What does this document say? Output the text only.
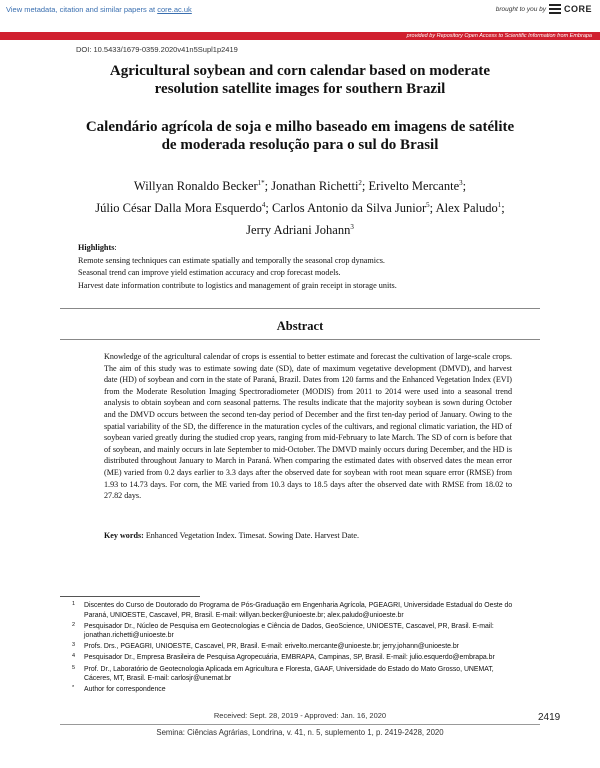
View metadata, citation and similar papers at core.ac.uk	brought to you by CORE
provided by Repository Open Access to Scientific Information from Embrapa
DOI: 10.5433/1679-0359.2020v41n5Supl1p2419
Agricultural soybean and corn calendar based on moderate resolution satellite images for southern Brazil
Calendário agrícola de soja e milho baseado em imagens de satélite de moderada resolução para o sul do Brasil
Willyan Ronaldo Becker$^{1*}$; Jonathan Richetti$^2$; Erivelto Mercante$^3$;
Júlio César Dalla Mora Esquerdo$^4$; Carlos Antonio da Silva Junior$^5$; Alex Paludo$^1$;
Jerry Adriani Johann$^3$
Highlights:
Remote sensing techniques can estimate spatially and temporally the seasonal crop dynamics.
Seasonal trend can improve yield estimation accuracy and crop forecast models.
Harvest date information contribute to logistics and management of grain receipt in storage units.
Abstract
Knowledge of the agricultural calendar of crops is essential to better estimate and forecast the cultivation of large-scale crops. The aim of this study was to estimate sowing date (SD), date of maximum vegetative development (DMVD), and harvest date (HD) of soybean and corn in the state of Paraná, Brazil. Dates from 120 farms and the Enhanced Vegetation Index (EVI) from the Moderate Resolution Imaging Spectroradiometer (MODIS) from 2011 to 2014 were used into a seasonal trend analysis to obtain soybean and corn seasonal patterns. The results indicate that the majority soybean is sown during October and the DMVD occurs between the second ten-day period of December and the first ten-day period of January. Owing to the spatial variability of the SD, the difference in the maturation cycles of the cultivars, and regional climatic variation, the HD of soybean varied greatly during the studied crop years, ranging from mid-February to late March. The SD of corn is before that of soybean, and mainly occurs in late September to mid-October. The DMVD mainly occurs during December, and the HD is distributed throughout January to March in Paraná. When comparing the estimated dates with observed dates the mean error (ME) varied from 0.2 days earlier to 3.3 days after the observed date for soybean with root mean square error (RMSE) from 1.93 to 14.73 days. For corn, the ME varied from 10.3 days to 18.5 days after the observed date with RMSE from 18.02 to 27.82 days.
Key words: Enhanced Vegetation Index. Timesat. Sowing Date. Harvest Date.
1 Discentes do Curso de Doutorado do Programa de Pós-Graduação em Engenharia Agrícola, PGEAGRI, Universidade Estadual do Oeste do Paraná, UNIOESTE, Cascavel, PR, Brasil. E-mail: willyan.becker@unioeste.br; alex.paludo@unioeste.br
2 Pesquisador Dr., Núcleo de Pesquisa em Geotecnologias e Ciência de Dados, GeoScience, UNIOESTE, Cascavel, PR, Brasil. E-mail: jonathan.richetti@unioeste.br
3 Profs. Drs., PGEAGRI, UNIOESTE, Cascavel, PR, Brasil. E-mail: erivelto.mercante@unioeste.br; jerry.johann@unioeste.br
4 Pesquisador Dr., Empresa Brasileira de Pesquisa Agropecuária, EMBRAPA, Campinas, SP, Brasil. E-mail: julio.esquerdo@embrapa.br
5 Prof. Dr., Laboratório de Geotecnologia Aplicada em Agricultura e Floresta, GAAF, Universidade do Estado do Mato Grosso, UNEMAT, Cáceres, MT, Brasil. E-mail: carlosjr@unemat.br
* Author for correspondence
Received: Sept. 28, 2019 - Approved: Jan. 16, 2020	2419
Semina: Ciências Agrárias, Londrina, v. 41, n. 5, suplemento 1, p. 2419-2428, 2020
